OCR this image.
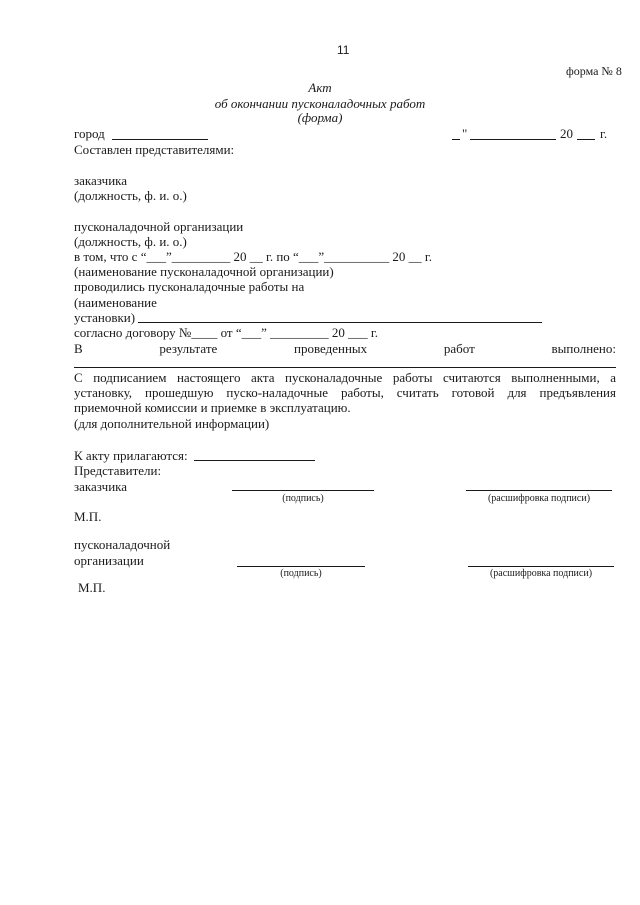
11
форма № 8
Акт
об окончании пусконаладочных работ
(форма)
город	"	20 г.
Составлен представителями:
заказчика
(должность, ф. и. о.)
пусконаладочной организации
(должность, ф. и. о.)
в том, что с “___”_________ 20 __ г. по “___”__________ 20 __ г.
(наименование пусконаладочной организации)
проводились пусконаладочные работы на
(наименование
установки)
согласно договору №____ от “___” _________ 20 ___ г.
В	результате	проведенных	работ	выполнено:
С подписанием настоящего акта пусконаладочные работы считаются выполненными, а установку, прошедшую пуско-наладочные работы, считать готовой для предъявления приемочной комиссии и приемке в эксплуатацию.
(для дополнительной информации)
К акту прилагаются:
Представители:
заказчика
(подпись)	(расшифровка подписи)
М.П.
пусконаладочной
организации
(подпись)	(расшифровка подписи)
М.П.
